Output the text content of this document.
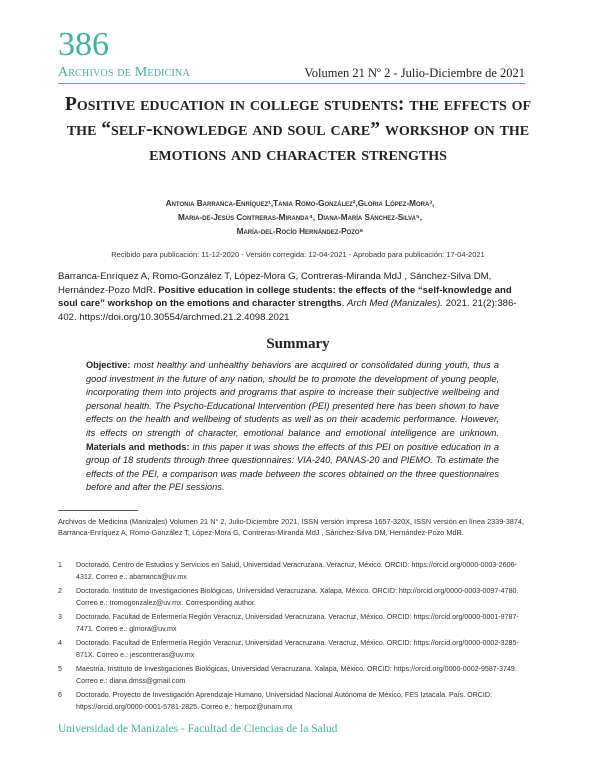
386
Archivos de Medicina	Volumen 21 Nº 2 - Julio-Diciembre de 2021
Positive education in college students: the effects of the “self-knowledge and soul care” workshop on the emotions and character strengths
Antonia Barranca-Enríquez¹,Tania Romo-González²,Gloria López-Mora³,
Maria-de-Jesús Contreras-Miranda⁴, Diana-María Sánchez-Silva⁵,
María-del-Rocío Hernández-Pozo⁶
Recibido para publicación: 11-12-2020 - Versión corregida: 12-04-2021 - Aprobado para publicación: 17-04-2021
Barranca-Enríquez A, Romo-González T, López-Mora G, Contreras-Miranda MdJ , Sánchez-Silva DM, Hernández-Pozo MdR. Positive education in college students: the effects of the “self-knowledge and soul care” workshop on the emotions and character strengths. Arch Med (Manizales). 2021. 21(2):386-402. https://doi.org/10.30554/archmed.21.2.4098.2021
Summary
Objective: most healthy and unhealthy behaviors are acquired or consolidated during youth, thus a good investment in the future of any nation, should be to promote the development of young people, incorporating them into projects and programs that aspire to increase their subjective wellbeing and personal health. The Psycho-Educational Intervention (PEI) presented here has been shown to have effects on the health and wellbeing of students as well as on their academic performance. However, its effects on strength of character, emotional balance and emotional intelligence are unknown. Materials and methods: in this paper it was shows the effects of this PEI on positive education in a group of 18 students through three questionnaires: VIA-240, PANAS-20 and PIEMO. To estimate the effects of the PEI, a comparison was made between the scores obtained on the three questionnaires before and after the PEI sessions.
Archivos de Medicina (Manizales) Volumen 21 N° 2, Julio-Diciembre 2021, ISSN versión impresa 1657-320X, ISSN versión en línea 2339-3874, Barranca-Enríquez A, Romo-González T, López-Mora G, Contreras-Miranda MdJ , Sánchez-Silva DM, Hernández-Pozo MdR.
1	Doctorado. Centro de Estudios y Servicios en Salud, Universidad Veracruzana. Veracruz, México. ORCID: https://orcid.org/0000-0003-2606-4312. Correo e.: abarranca@uv.mx
2	Doctorado. Instituto de Investigaciones Biológicas, Universidad Veracruzana. Xalapa, México. ORCID: http://orcid.org/0000-0003-0097-4780. Correo e.: tromogonzalez@uv.mx. Corresponding author.
3	Doctorado. Facultad de Enfermería Región Veracruz, Universidad Veracruzana. Veracruz, México. ORCID: https://orcid.org/0000-0001-9787-7471. Correo e.: glmora@uv.mx
4	Doctorado. Facultad de Enfermería Región Veracruz, Universidad Veracruzana. Veracruz, México. ORCID: https://orcid.org/0000-0002-3285-871X. Correo e.: jescontreras@uv.mx
5	Maestría. Instituto de Investigaciones Biológicas, Universidad Veracruzana. Xalapa, México. ORCID: https://orcid.org/0000-0002-9587-3749. Correo e.: diana.dmss@gmail.com
6	Doctorado. Proyecto de Investigación Aprendizaje Humano, Universidad Nacional Autónoma de México, FES Iztacala. País. ORCID: https://orcid.org/0000-0001-5781-2825. Correo e.: herpoz@unam.mx
Universidad de Manizales - Facultad de Ciencias de la Salud
